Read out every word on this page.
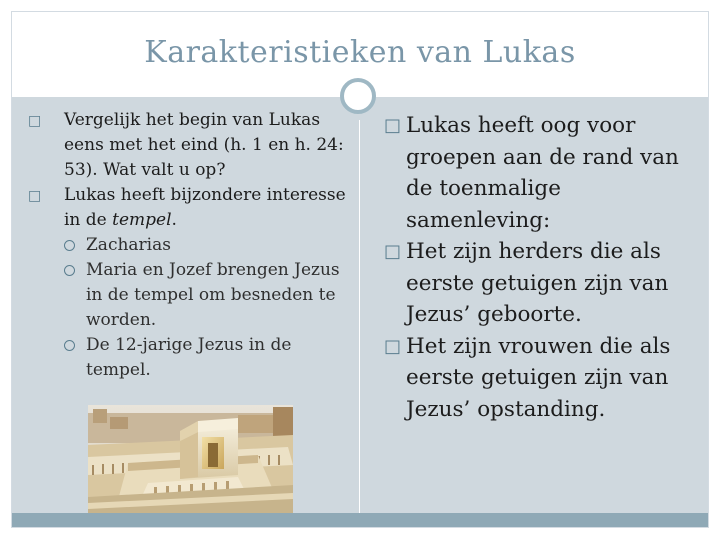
Karakteristieken van Lukas
□ Vergelijk het begin van Lukas eens met het eind (h. 1 en h. 24: 53). Wat valt u op?
□ Lukas heeft bijzondere interesse in de tempel.
Zacharias
Maria en Jozef brengen Jezus in de tempel om besneden te worden.
De 12-jarige Jezus in de tempel.
□ Lukas heeft oog voor groepen aan de rand van de toenmalige samenleving:
□ Het zijn herders die als eerste getuigen zijn van Jezus’ geboorte.
□ Het zijn vrouwen die als eerste getuigen zijn van Jezus’ opstanding.
